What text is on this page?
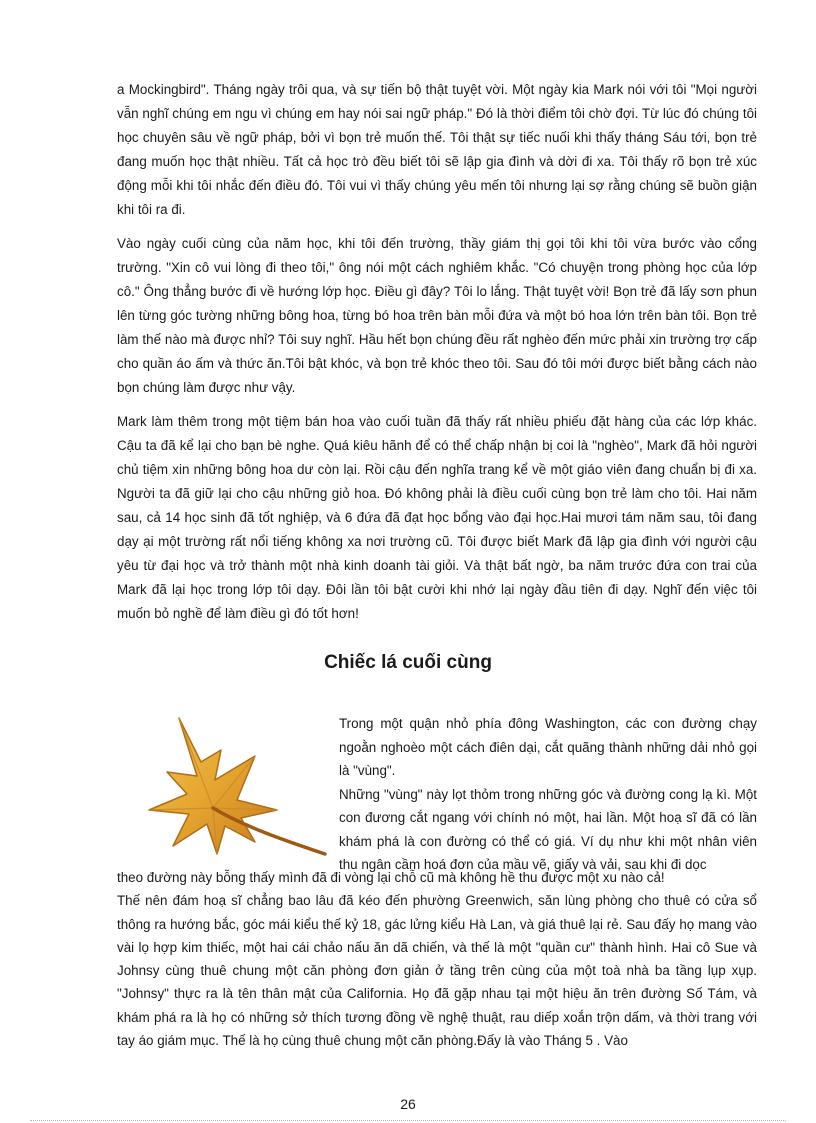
a Mockingbird". Tháng ngày trôi qua, và sự tiến bộ thật tuyệt vời. Một ngày kia Mark nói với tôi "Mọi người vẫn nghĩ chúng em ngu vì chúng em hay nói sai ngữ pháp." Đó là thời điểm tôi chờ đợi. Từ lúc đó chúng tôi học chuyên sâu về ngữ pháp, bởi vì bọn trẻ muốn thế. Tôi thật sự tiếc nuối khi thấy tháng Sáu tới, bọn trẻ đang muốn học thật nhiều. Tất cả học trò đều biết tôi sẽ lập gia đình và dời đi xa. Tôi thấy rõ bọn trẻ xúc động mỗi khi tôi nhắc đến điều đó. Tôi vui vì thấy chúng yêu mến tôi nhưng lại sợ rằng chúng sẽ buồn giận khi tôi ra đi.

Vào ngày cuối cùng của năm học, khi tôi đến trường, thầy giám thị gọi tôi khi tôi vừa bước vào cổng trường. "Xin cô vui lòng đi theo tôi," ông nói một cách nghiêm khắc. "Có chuyện trong phòng học của lớp cô." Ông thẳng bước đi về hướng lớp học. Điều gì đây? Tôi lo lắng. Thật tuyệt vời! Bọn trẻ đã lấy sơn phun lên từng góc tường những bông hoa, từng bó hoa trên bàn mỗi đứa và một bó hoa lớn trên bàn tôi. Bọn trẻ làm thế nào mà được nhỉ? Tôi suy nghĩ. Hầu hết bọn chúng đều rất nghèo đến mức phải xin trường trợ cấp cho quần áo ấm và thức ăn.Tôi bật khóc, và bọn trẻ khóc theo tôi. Sau đó tôi mới được biết bằng cách nào bọn chúng làm được như vậy.

Mark làm thêm trong một tiệm bán hoa vào cuối tuần đã thấy rất nhiều phiếu đặt hàng của các lớp khác. Cậu ta đã kể lại cho bạn bè nghe. Quá kiêu hãnh để có thể chấp nhận bị coi là "nghèo", Mark đã hỏi người chủ tiệm xin những bông hoa dư còn lại. Rồi cậu đến nghĩa trang kể về một giáo viên đang chuẩn bị đi xa. Người ta đã giữ lại cho cậu những giỏ hoa. Đó không phải là điều cuối cùng bọn trẻ làm cho tôi. Hai năm sau, cả 14 học sinh đã tốt nghiệp, và 6 đứa đã đạt học bổng vào đại học.Hai mươi tám năm sau, tôi đang dạy ại một trường rất nổi tiếng không xa nơi trường cũ. Tôi được biết Mark đã lập gia đình với người cậu yêu từ đại học và trở thành một nhà kinh doanh tài giỏi. Và thật bất ngờ, ba năm trước đứa con trai của Mark đã lại học trong lớp tôi dạy. Đôi lần tôi bật cười khi nhớ lại ngày đầu tiên đi dạy. Nghĩ đến việc tôi muốn bỏ nghề để làm điều gì đó tốt hơn!

Chiếc lá cuối cùng

Trong một quận nhỏ phía đông Washington, các con đường chạy ngoằn nghoèo một cách điên dại, cắt quãng thành những dải nhỏ gọi là "vùng".

Những "vùng" này lọt thỏm trong những góc và đường cong lạ kì. Một con đương cắt ngang với chính nó một, hai lần. Một hoạ sĩ đã có lần khám phá là con đường có thể có giá. Ví dụ như khi một nhân viên thu ngân cầm hoá đơn của mầu vẽ, giấy và vải, sau khi đi dọc

theo đường này bỗng thấy mình đã đi vòng lại chỗ cũ mà không hề thu được một xu nào cả!

Thế nên đám hoạ sĩ chẳng bao lâu đã kéo đến phường Greenwich, săn lùng phòng cho thuê có cửa sổ thông ra hướng bắc, góc mái kiểu thế kỷ 18, gác lửng kiểu Hà Lan, và giá thuê lại rẻ. Sau đấy họ mang vào vài lọ hợp kim thiếc, một hai cái chảo nấu ăn dã chiến, và thế là một "quần cư" thành hình. Hai cô Sue và Johnsy cùng thuê chung một căn phòng đơn giản ở tầng trên cùng của một toà nhà ba tầng lụp xụp. "Johnsy" thực ra là tên thân mật của California. Họ đã gặp nhau tại một hiệu ăn trên đường Số Tám, và khám phá ra là họ có những sở thích tương đồng về nghệ thuật, rau diếp xoắn trộn dấm, và thời trang với tay áo giám mục. Thế là họ cùng thuê chung một căn phòng.Đấy là vào Tháng 5 . Vào

26
